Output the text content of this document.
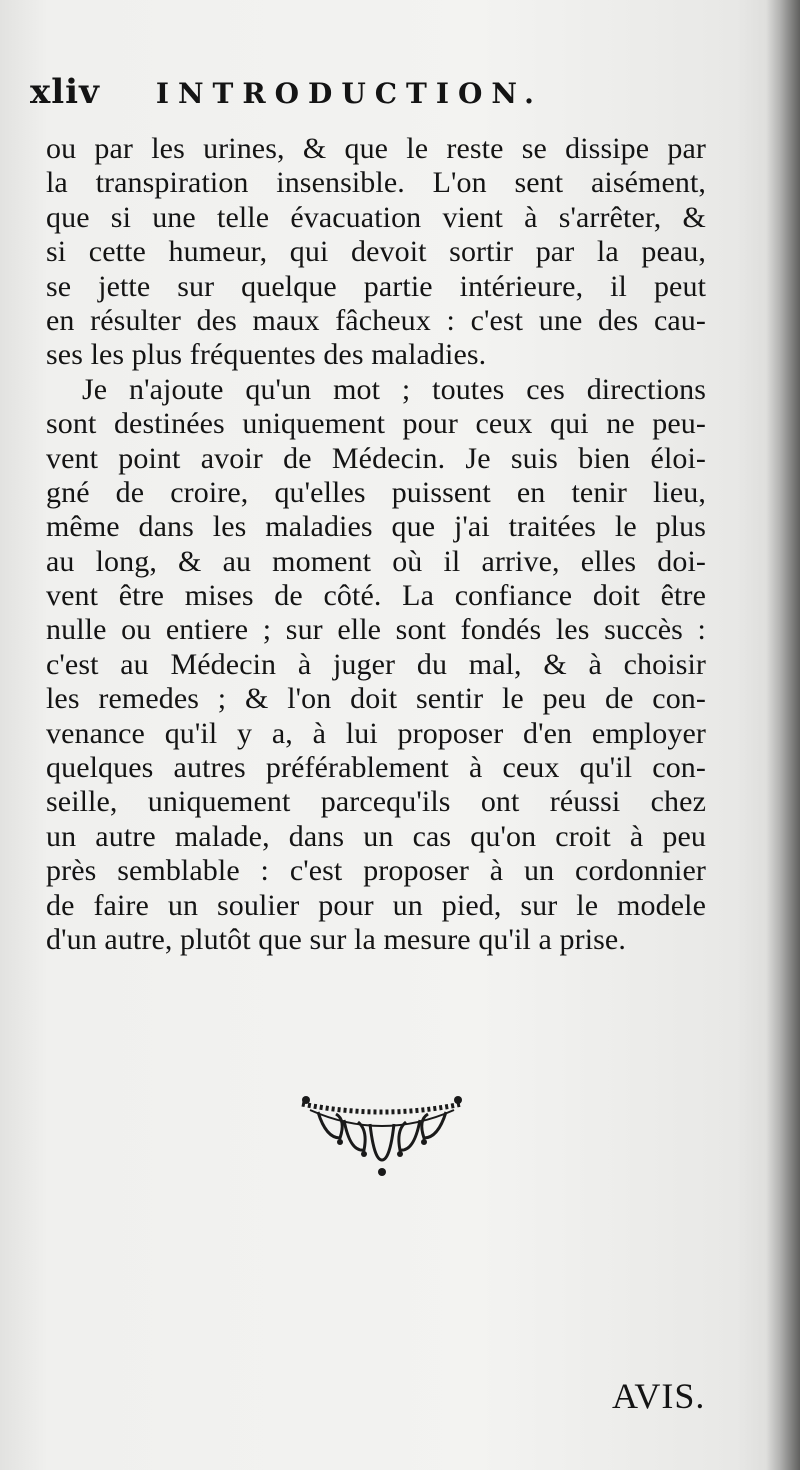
xliv INTRODUCTION.
ou par les urines, & que le reste se dissipe par
la transpiration insensible. L'on sent aisément,
que si une telle évacuation vient à s'arrêter, &
si cette humeur, qui devoit sortir par la peau,
se jette sur quelque partie intérieure, il peut
en résulter des maux fâcheux : c'est une des cau-
ses les plus fréquentes des maladies.
Je n'ajoute qu'un mot ; toutes ces directions
sont destinées uniquement pour ceux qui ne peu-
vent point avoir de Médecin. Je suis bien éloi-
gné de croire, qu'elles puissent en tenir lieu,
même dans les maladies que j'ai traitées le plus
au long, & au moment où il arrive, elles doi-
vent être mises de côté. La confiance doit être
nulle ou entiere ; sur elle sont fondés les succès :
c'est au Médecin à juger du mal, & à choisir
les remedes ; & l'on doit sentir le peu de con-
venance qu'il y a, à lui proposer d'en employer
quelques autres préférablement à ceux qu'il con-
seille, uniquement parcequ'ils ont réussi chez
un autre malade, dans un cas qu'on croit à peu
près semblable : c'est proposer à un cordonnier
de faire un soulier pour un pied, sur le modele
d'un autre, plutôt que sur la mesure qu'il a prise.
AVIS.
